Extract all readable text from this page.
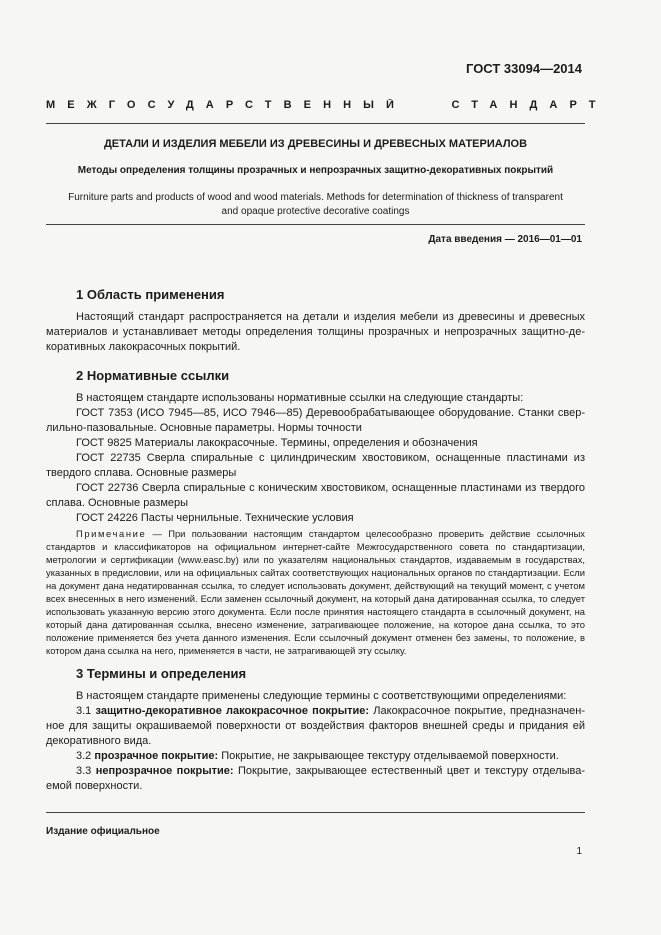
ГОСТ 33094—2014
МЕЖГОСУДАРСТВЕННЫЙ   СТАНДАРТ
ДЕТАЛИ И ИЗДЕЛИЯ МЕБЕЛИ ИЗ ДРЕВЕСИНЫ И ДРЕВЕСНЫХ МАТЕРИАЛОВ
Методы определения толщины прозрачных и непрозрачных защитно-декоративных покрытий
Furniture parts and products of wood and wood materials. Methods for determination of thickness of transparent
and opaque protective decorative coatings
Дата введения — 2016—01—01
1 Область применения

Настоящий стандарт распространяется на детали и изделия мебели из древесины и древесных материалов и устанавливает методы определения толщины прозрачных и непрозрачных защитно-декоративных лакокрасочных покрытий.

2 Нормативные ссылки
В настоящем стандарте использованы нормативные ссылки на следующие стандарты:
ГОСТ 7353 (ИСО 7945—85, ИСО 7946—85) Деревообрабатывающее оборудование. Станки свер-
лильно-пазовальные. Основные параметры. Нормы точности
ГОСТ 9825 Материалы лакокрасочные. Термины, определения и обозначения
ГОСТ 22735 Сверла спиральные с цилиндрическим хвостовиком, оснащенные пластинами из
твердого сплава. Основные размеры
ГОСТ 22736 Сверла спиральные с коническим хвостовиком, оснащенные пластинами из твердого
сплава. Основные размеры
ГОСТ 24226 Пасты чернильные. Технические условия

Примечание — При пользовании настоящим стандартом целесообразно проверить действие ссылочных стандартов и классификаторов на официальном интернет-сайте Межгосударственного совета по стандартизации, метрологии и сертификации (www.easc.by) или по указателям национальных стандартов, издаваемым в государствах, указанных в предисловии, или на официальных сайтах соответствующих национальных органов по стандартизации. Если на документ дана недатированная ссылка, то следует использовать документ, действующий на текущий момент, с учетом всех внесенных в него изменений. Если заменен ссылочный документ, на который дана датированная ссылка, то следует использовать указанную версию этого документа. Если после принятия настоящего стандарта в ссылочный документ, на который дана датированная ссылка, внесено изменение, затрагивающее положение, на которое дана ссылка, то это положение применяется без учета данного изменения. Если ссылочный документ отменен без замены, то положение, в котором дана ссылка на него, применяется в части, не затрагивающей эту ссылку.

3 Термины и определения
В настоящем стандарте применены следующие термины с соответствующими определениями:

3.1 защитно-декоративное лакокрасочное покрытие: Лакокрасочное покрытие, предназначенное для защиты окрашиваемой поверхности от воздействия факторов внешней среды и придания ей декоративного вида.

3.2 прозрачное покрытие: Покрытие, не закрывающее текстуру отделываемой поверхности.

3.3 непрозрачное покрытие: Покрытие, закрывающее естественный цвет и текстуру отделываемой поверхности.

Издание официальное
1
